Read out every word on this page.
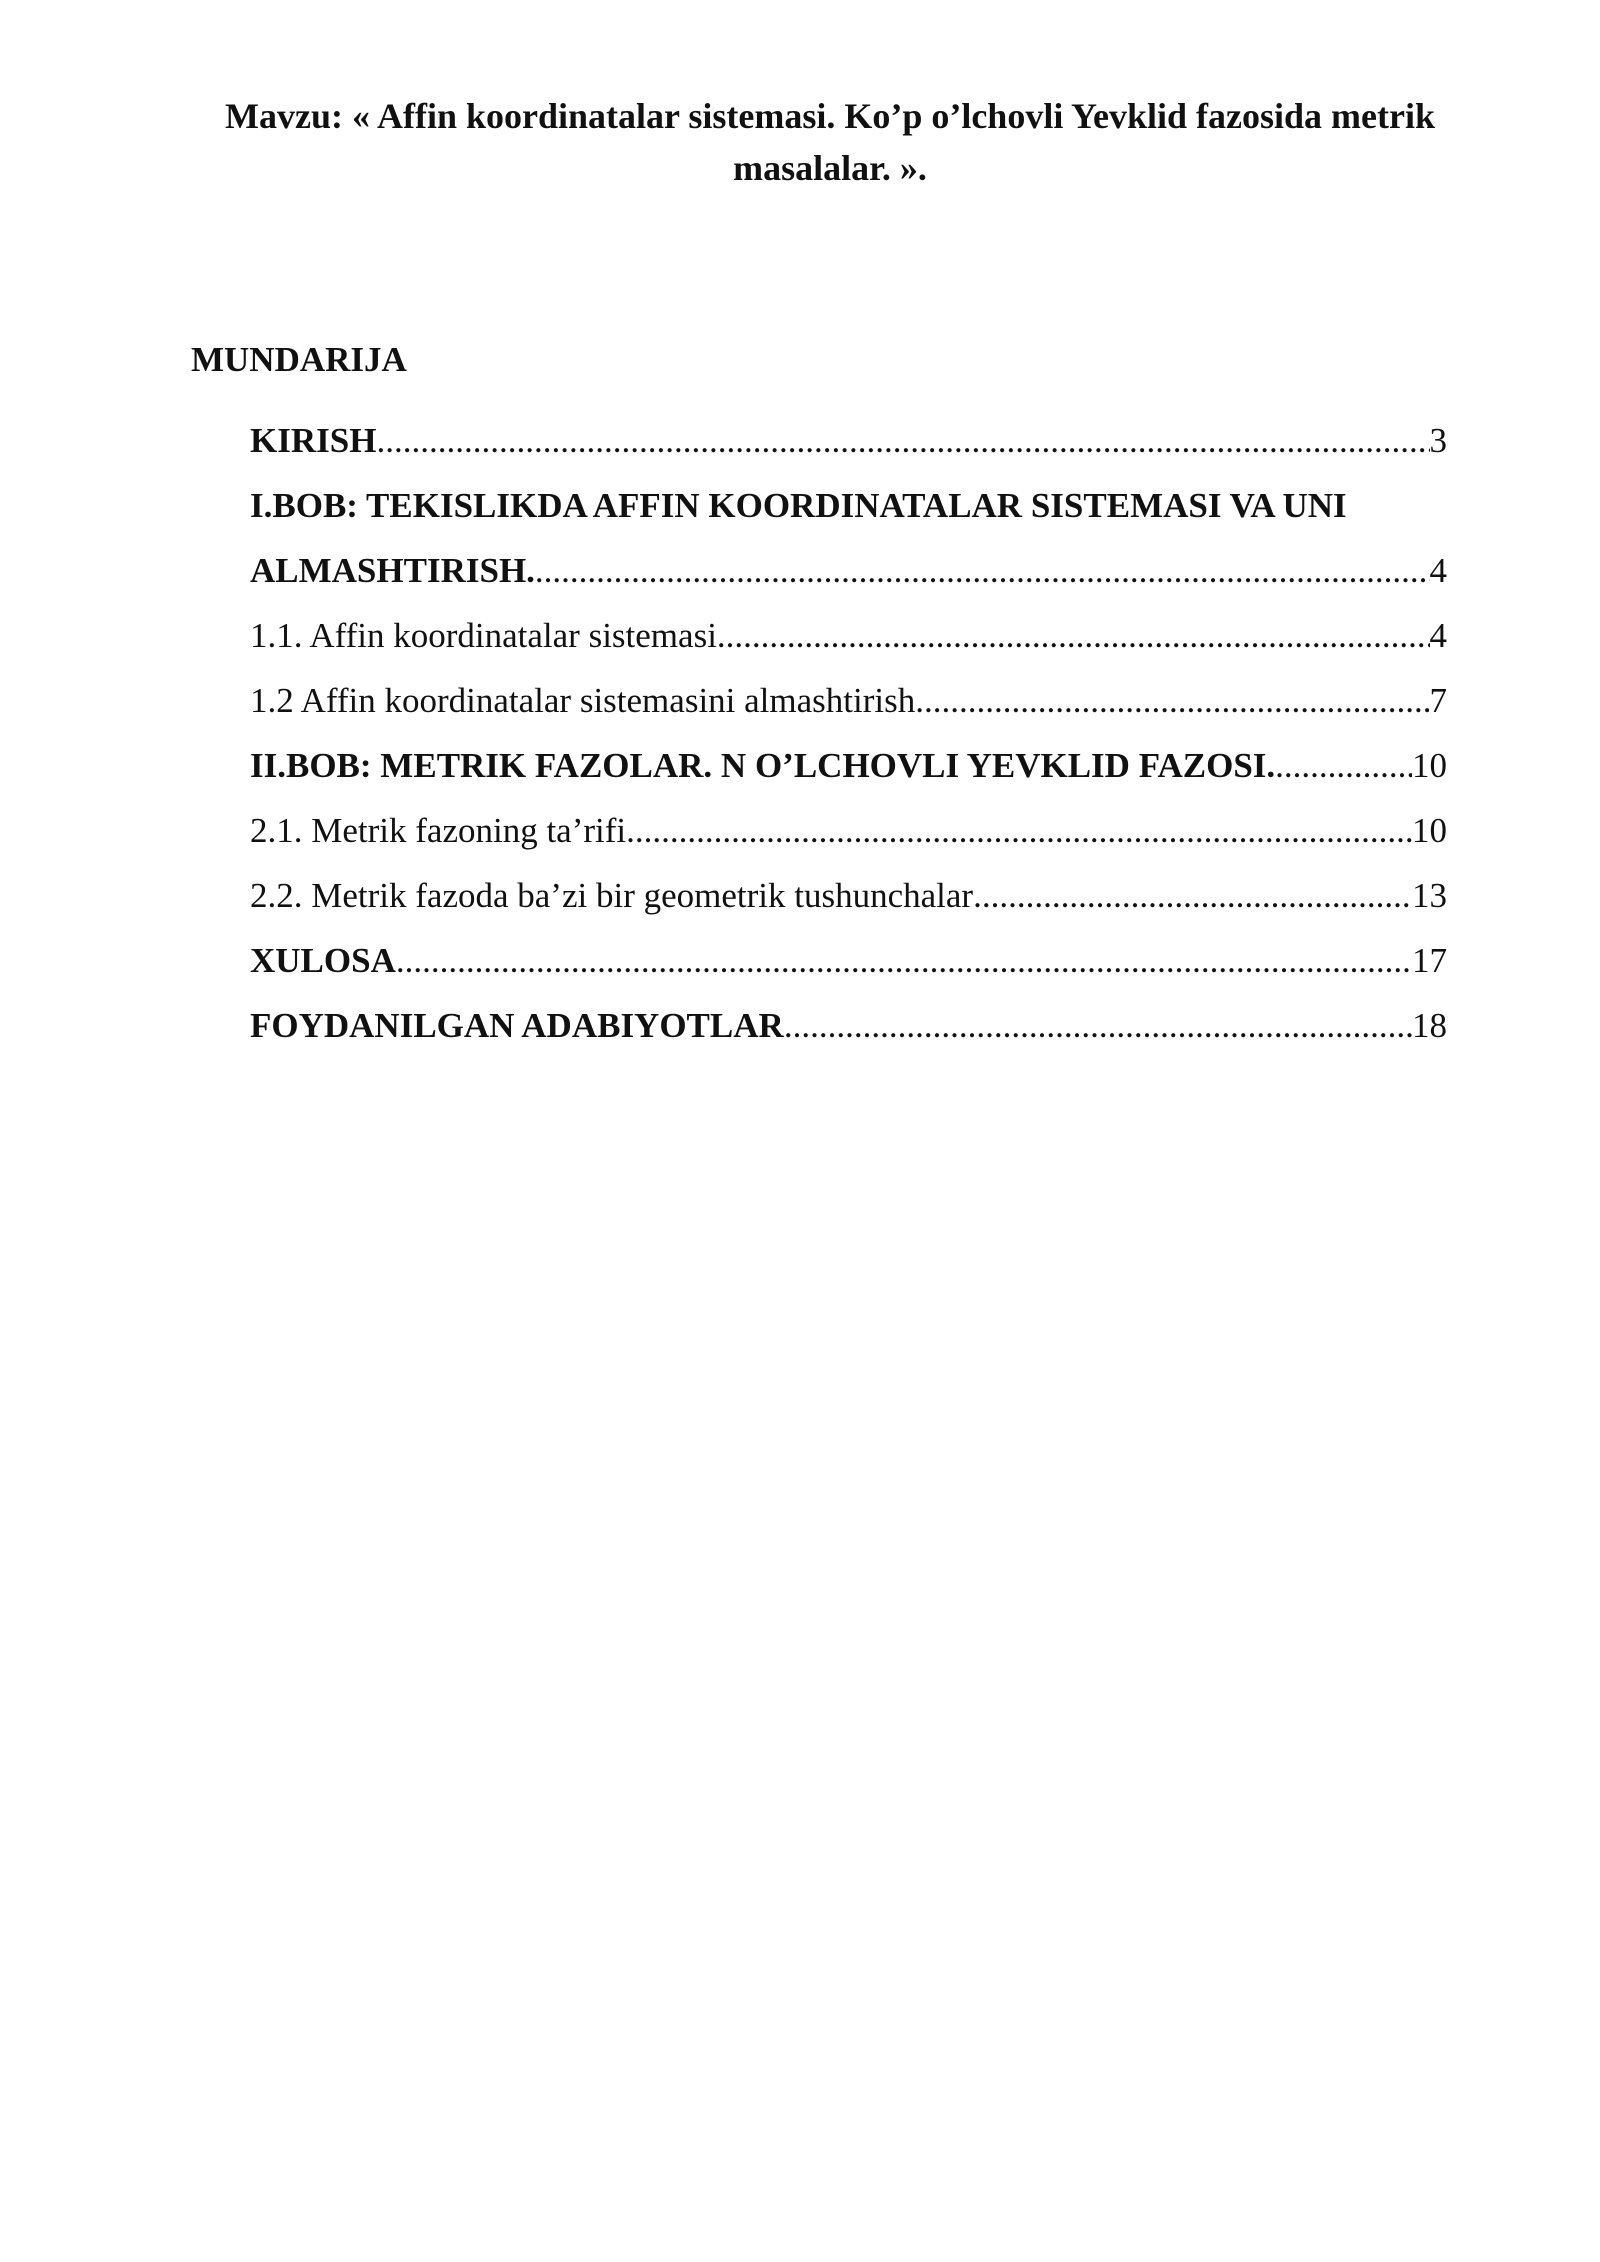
Mavzu: « Affin koordinatalar sistemasi. Ko’p o’lchovli Yevklid fazosida metrik masalalar. ».
MUNDARIJA
KIRISH .....	3
I.BOB: TEKISLIKDA AFFIN KOORDINATALAR SISTEMASI VA UNI
ALMASHTIRISH. .....	4
1.1. Affin koordinatalar sistemasi .....	4
1.2 Affin koordinatalar sistemasini almashtirish .....	7
II.BOB: METRIK FAZOLAR. N O’LCHOVLI YEVKLID FAZOSI. .....	10
2.1. Metrik fazoning ta’rifi.. .....	10
2.2. Metrik fazoda ba’zi bir geometrik tushunchalar .....	13
XULOSA .....	17
FOYDANILGAN ADABIYOTLAR .....	18
